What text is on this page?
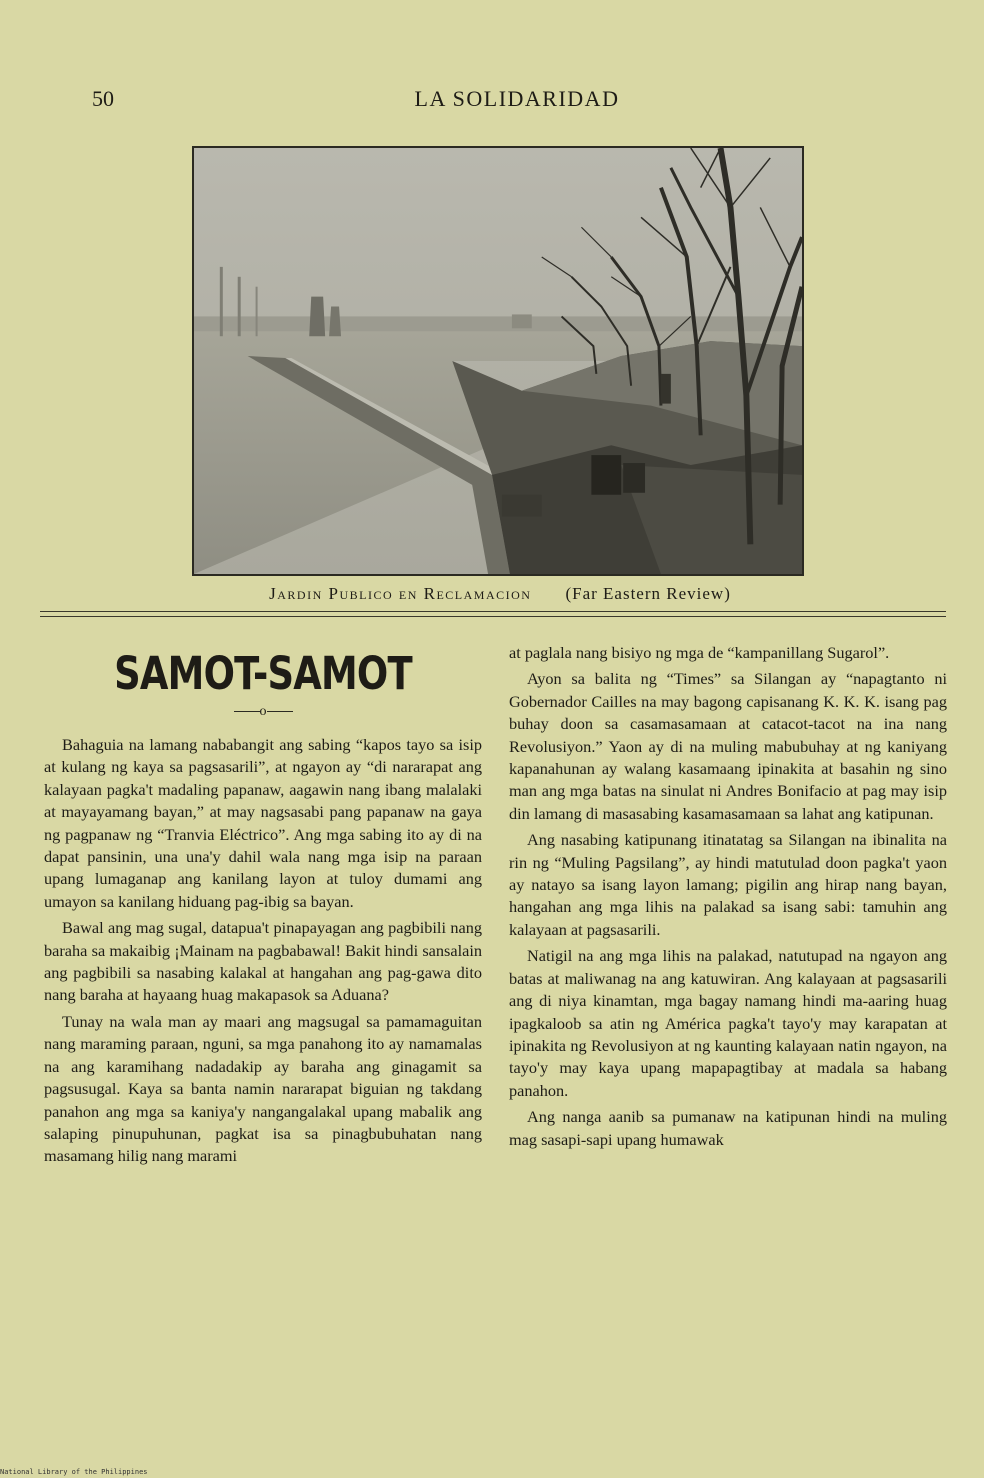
50	LA SOLIDARIDAD
Jardin Publico en Reclamacion (Far Eastern Review)
SAMOT-SAMOT
o

Bahaguia na lamang nababangit ang sabing “kapos tayo sa isip at kulang ng kaya sa pagsasarili”, at ngayon ay “di nararapat ang kalayaan pagka't madaling papanaw, aagawin nang ibang malalaki at mayayamang bayan,” at may nagsasabi pang papanaw na gaya ng pagpanaw ng “Tranvia Eléctrico”. Ang mga sabing ito ay di na dapat pansinin, una una'y dahil wala nang mga isip na paraan upang lumaganap ang kanilang layon at tuloy dumami ang umayon sa kanilang hiduang pag-ibig sa bayan.

Bawal ang mag sugal, datapua't pinapayagan ang pagbibili nang baraha sa makaibig ¡Mainam na pagbabawal! Bakit hindi sansalain ang pagbibili sa nasabing kalakal at hangahan ang pag-gawa dito nang baraha at hayaang huag makapasok sa Aduana?

Tunay na wala man ay maari ang magsugal sa pamamaguitan nang maraming paraan, nguni, sa mga panahong ito ay namamalas na ang karamihang nadadakip ay baraha ang ginagamit sa pagsusugal. Kaya sa banta namin nararapat biguian ng takdang panahon ang mga sa kaniya'y nangangalakal upang mabalik ang salaping pinupuhunan, pagkat isa sa pinagbubuhatan nang masamang hilig nang marami

at paglala nang bisiyo ng mga de “kampanillang Sugarol”.

Ayon sa balita ng “Times” sa Silangan ay “napagtanto ni Gobernador Cailles na may bagong capisanang K. K. K. isang pag buhay doon sa casamasamaan at catacot-tacot na ina nang Revolusiyon.” Yaon ay di na muling mabubuhay at ng kaniyang kapanahunan ay walang kasamaang ipinakita at basahin ng sino man ang mga batas na sinulat ni Andres Bonifacio at pag may isip din lamang di masasabing kasamasamaan sa lahat ang katipunan.

Ang nasabing katipunang itinatatag sa Silangan na ibinalita na rin ng “Muling Pagsilang”, ay hindi matutulad doon pagka't yaon ay natayo sa isang layon lamang; pigilin ang hirap nang bayan, hangahan ang mga lihis na palakad sa isang sabi: tamuhin ang kalayaan at pagsasarili.

Natigil na ang mga lihis na palakad, natutupad na ngayon ang batas at maliwanag na ang katuwiran. Ang kalayaan at pagsasarili ang di niya kinamtan, mga bagay namang hindi ma-aaring huag ipagkaloob sa atin ng América pagka't tayo'y may karapatan at ipinakita ng Revolusiyon at ng kaunting kalayaan natin ngayon, na tayo'y may kaya upang mapapagtibay at madala sa habang panahon.

Ang nanga aanib sa pumanaw na katipunan hindi na muling mag sasapi-sapi upang humawak

National Library of the Philippines
